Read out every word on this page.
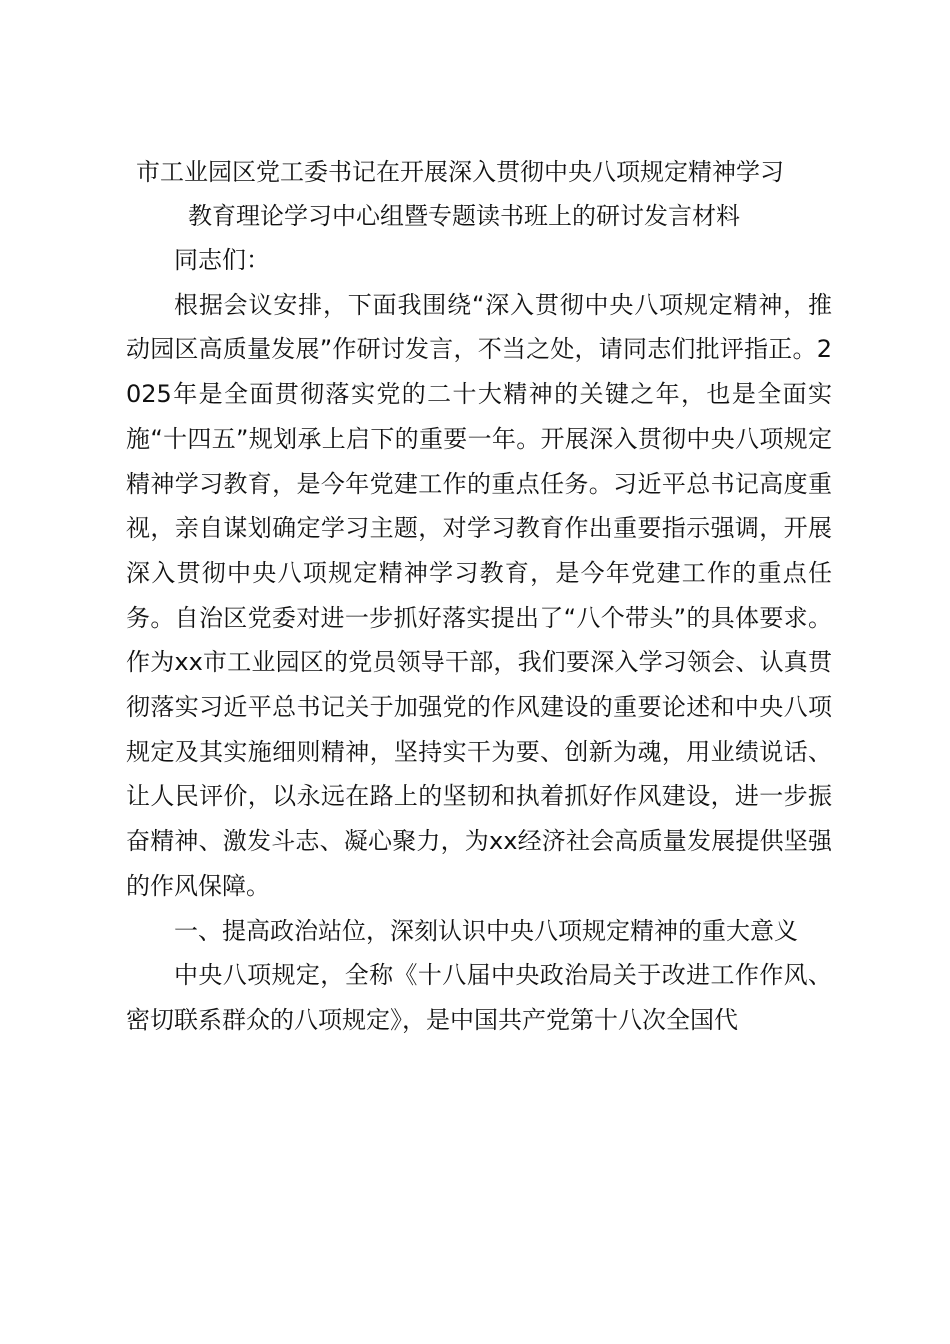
市工业园区党工委书记在开展深入贯彻中央八项规定精神学习
教育理论学习中心组暨专题读书班上的研讨发言材料

同志们：

根据会议安排，下面我围绕“深入贯彻中央八项规定精神，推动园区高质量发展”作研讨发言，不当之处，请同志们批评指正。2025年是全面贯彻落实党的二十大精神的关键之年，也是全面实施“十四五”规划承上启下的重要一年。开展深入贯彻中央八项规定精神学习教育，是今年党建工作的重点任务。习近平总书记高度重视，亲自谋划确定学习主题，对学习教育作出重要指示强调，开展深入贯彻中央八项规定精神学习教育，是今年党建工作的重点任务。自治区党委对进一步抓好落实提出了“八个带头”的具体要求。作为xx市工业园区的党员领导干部，我们要深入学习领会、认真贯彻落实习近平总书记关于加强党的作风建设的重要论述和中央八项规定及其实施细则精神，坚持实干为要、创新为魂，用业绩说话、让人民评价，以永远在路上的坚韧和执着抓好作风建设，进一步振奋精神、激发斗志、凝心聚力，为xx经济社会高质量发展提供坚强的作风保障。

一、提高政治站位，深刻认识中央八项规定精神的重大意义

中央八项规定，全称《十八届中央政治局关于改进工作作风、密切联系群众的八项规定》，是中国共产党第十八次全国代
